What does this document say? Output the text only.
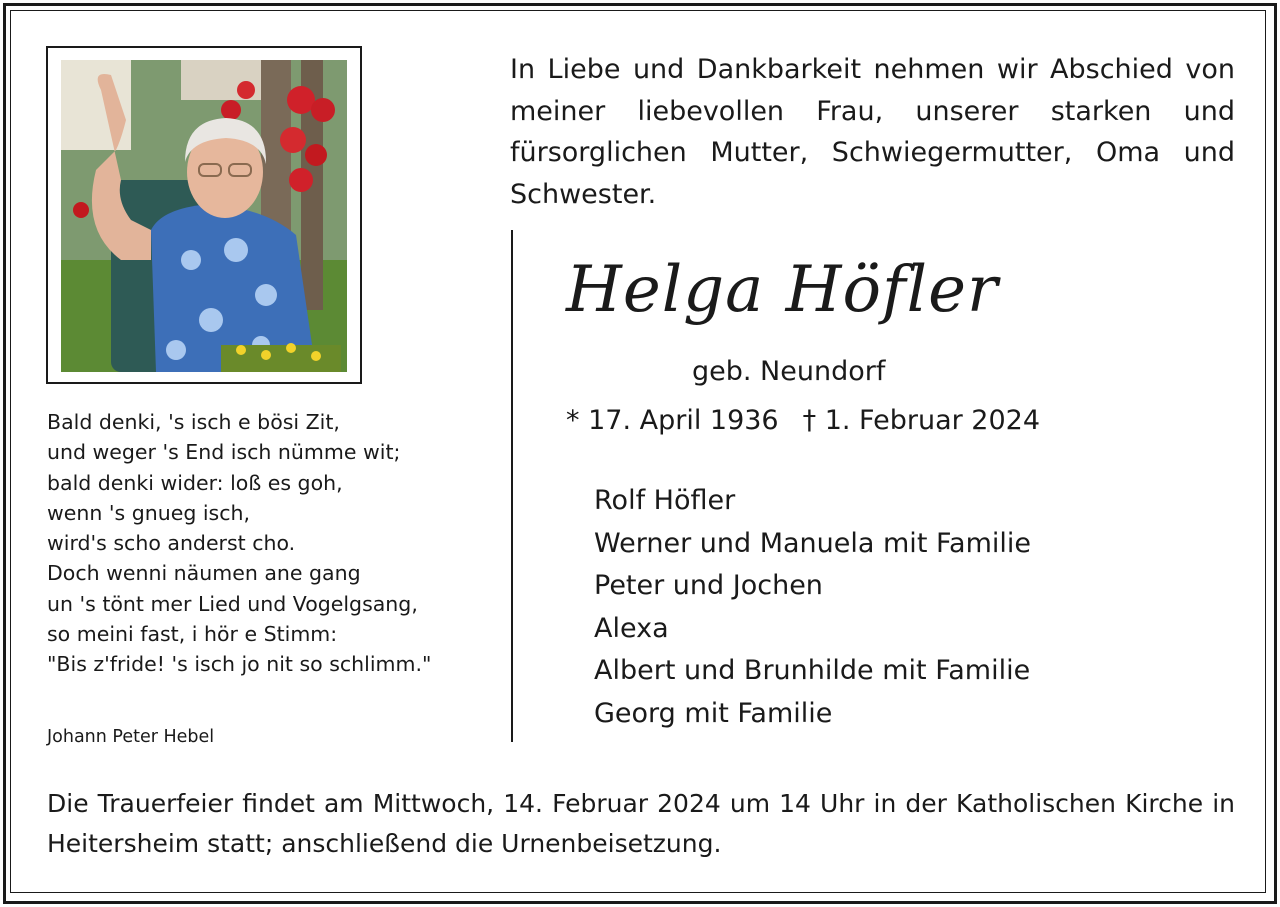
In Liebe und Dankbarkeit nehmen wir Abschied von meiner liebevollen Frau, unserer starken und fürsorglichen Mutter, Schwiegermutter, Oma und Schwester.

Helga Höfler
geb. Neundorf
* 17. April 1936 † 1. Februar 2024
Rolf Höfler
Werner und Manuela mit Familie
Peter und Jochen
Alexa
Albert und Brunhilde mit Familie
Georg mit Familie
Bald denki, 's isch e bösi Zit,
und weger 's End isch nümme wit;
bald denki wider: loß es goh,
wenn 's gnueg isch,
wird's scho anderst cho.
Doch wenni näumen ane gang
un 's tönt mer Lied und Vogelgsang,
so meini fast, i hör e Stimm:
"Bis z'fride! 's isch jo nit so schlimm."
Johann Peter Hebel

Die Trauerfeier findet am Mittwoch, 14. Februar 2024 um 14 Uhr in der Katholischen Kirche in Heitersheim statt; anschließend die Urnenbeisetzung.
